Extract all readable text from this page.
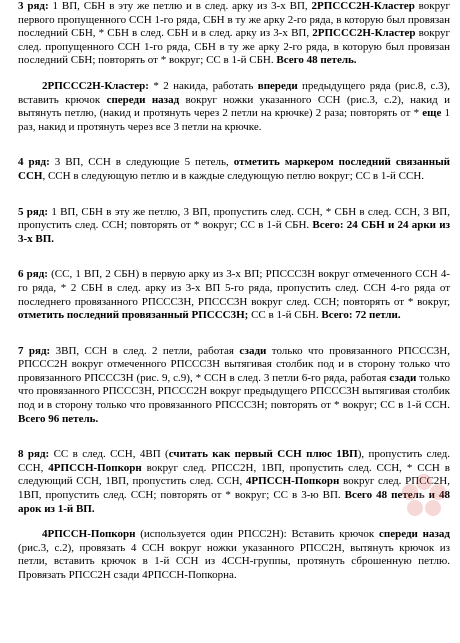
3 ряд: 1 ВП, СБН в эту же петлю и в след. арку из 3-х ВП, 2РПССС2Н-Кластер вокруг первого пропущенного ССН 1-го ряда, СБН в ту же арку 2-го ряда, в которую был провязан последний СБН, * СБН в след. СБН и в след. арку из 3-х ВП, 2РПССС2Н-Кластер вокруг след. пропущенного ССН 1-го ряда, СБН в ту же арку 2-го ряда, в которую был провязан последний СБН; повторять от * вокруг; СС в 1-й СБН. Всего 48 петель.

2РПССС2Н-Кластер: * 2 накида, работать впереди предыдущего ряда (рис.8, с.3), вставить крючок спереди назад вокруг ножки указанного ССН (рис.3, с.2), накид и вытянуть петлю, (накид и протянуть через 2 петли на крючке) 2 раза; повторять от * еще 1 раз, накид и протянуть через все 3 петли на крючке.

4 ряд: 3 ВП, ССН в следующие 5 петель, отметить маркером последний связанный ССН, ССН в следующую петлю и в каждые следующую петлю вокруг; СС в 1-й ССН.

5 ряд: 1 ВП, СБН в эту же петлю, 3 ВП, пропустить след. ССН, * СБН в след. ССН, 3 ВП, пропустить след. ССН; повторять от * вокруг; СС в 1-й СБН. Всего: 24 СБН и 24 арки из 3-х ВП.

6 ряд: (СС, 1 ВП, 2 СБН) в первую арку из 3-х ВП; РПССС3Н вокруг отмеченного ССН 4-го ряда, * 2 СБН в след. арку из 3-х ВП 5-го ряда, пропустить след. ССН 4-го ряда от последнего провязанного РПССС3Н, РПССС3Н вокруг след. ССН; повторять от * вокруг, отметить последний провязанный РПССС3Н; СС в 1-й СБН. Всего: 72 петли.

7 ряд: 3ВП, ССН в след. 2 петли, работая сзади только что провязанного РПССС3Н, РПССС2Н вокруг отмеченного РПССС3Н вытягивая столбик под и в сторону только что провязанного РПССС3Н (рис. 9, с.9), * ССН в след. 3 петли 6-го ряда, работая сзади только что провязанного РПССС3Н, РПССС2Н вокруг предыдущего РПССС3Н вытягивая столбик под и в сторону только что провязанного РПССС3Н; повторять от * вокруг; СС в 1-й ССН. Всего 96 петель.

8 ряд: СС в след. ССН, 4ВП (считать как первый ССН плюс 1ВП), пропустить след. ССН, 4РПССН-Попкорн вокруг след. РПСС2Н, 1ВП, пропустить след. ССН, * ССН в следующий ССН, 1ВП, пропустить след. ССН, 4РПССН-Попкорн вокруг след. РПСС2Н, 1ВП, пропустить след. ССН; повторять от * вокруг; СС в 3-ю ВП. Всего 48 петель и 48 арок из 1-й ВП.

4РПССН-Попкорн (используется один РПСС2Н): Вставить крючок спереди назад (рис.3, с.2), провязать 4 ССН вокруг ножки указанного РПСС2Н, вытянуть крючок из петли, вставить крючок в 1-й ССН из 4ССН-группы, протянуть сброшенную петлю. Провязать РПСС2Н сзади 4РПССН-Попкорна.
